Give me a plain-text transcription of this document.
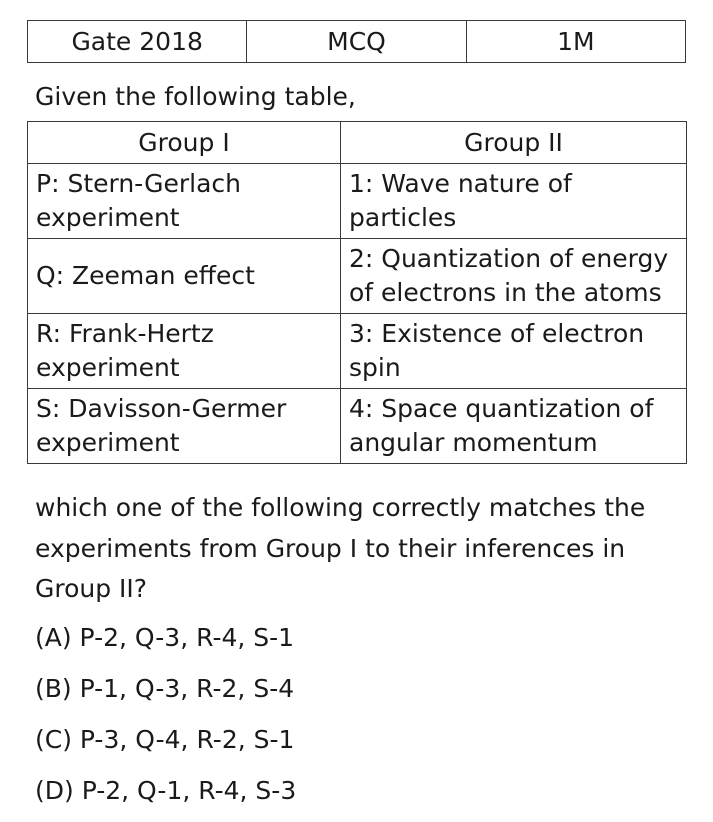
Gate 2018	MCQ	1M

Given the following table,

Group I	Group II
P: Stern-Gerlach experiment	1: Wave nature of particles
Q: Zeeman effect	2: Quantization of energy of electrons in the atoms
R: Frank-Hertz experiment	3: Existence of electron spin
S: Davisson-Germer experiment	4: Space quantization of angular momentum

which one of the following correctly matches the experiments from Group I to their inferences in Group II?

(A) P-2, Q-3, R-4, S-1
(B) P-1, Q-3, R-2, S-4
(C) P-3, Q-4, R-2, S-1
(D) P-2, Q-1, R-4, S-3
